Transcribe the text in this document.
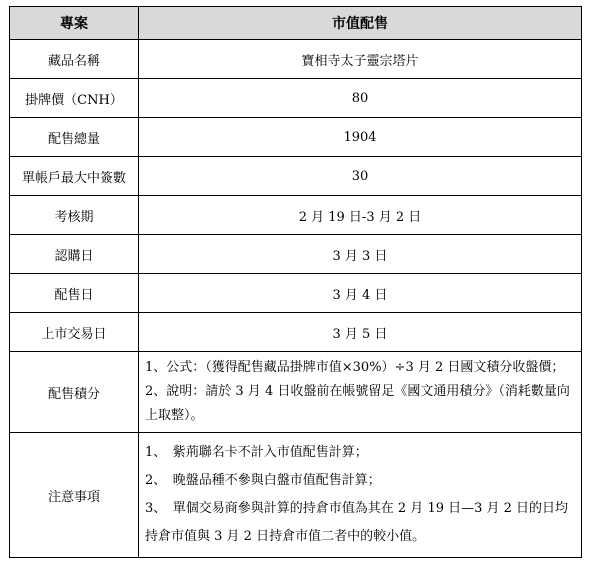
專案	市值配售
藏品名稱	寶相寺太子靈宗塔片
掛牌價（CNH）	80
配售總量	1904
單帳戶最大中簽數	30
考核期	2 月 19 日-3 月 2 日
認購日	3 月 3 日
配售日	3 月 4 日
上市交易日	3 月 5 日
配售積分	1、公式：（獲得配售藏品掛牌市值×30%）÷3 月 2 日國文積分收盤價；
2、說明：請於 3 月 4 日收盤前在帳號留足《國文通用積分》（消耗數量向上取整）。

注意事項	1、　紫荊聯名卡不計入市值配售計算；
2、　晚盤品種不參與白盤市值配售計算；
3、　單個交易商參與計算的持倉市值為其在 2 月 19 日—3 月 2 日的日均持倉市值與 3 月 2 日持倉市值二者中的較小值。
